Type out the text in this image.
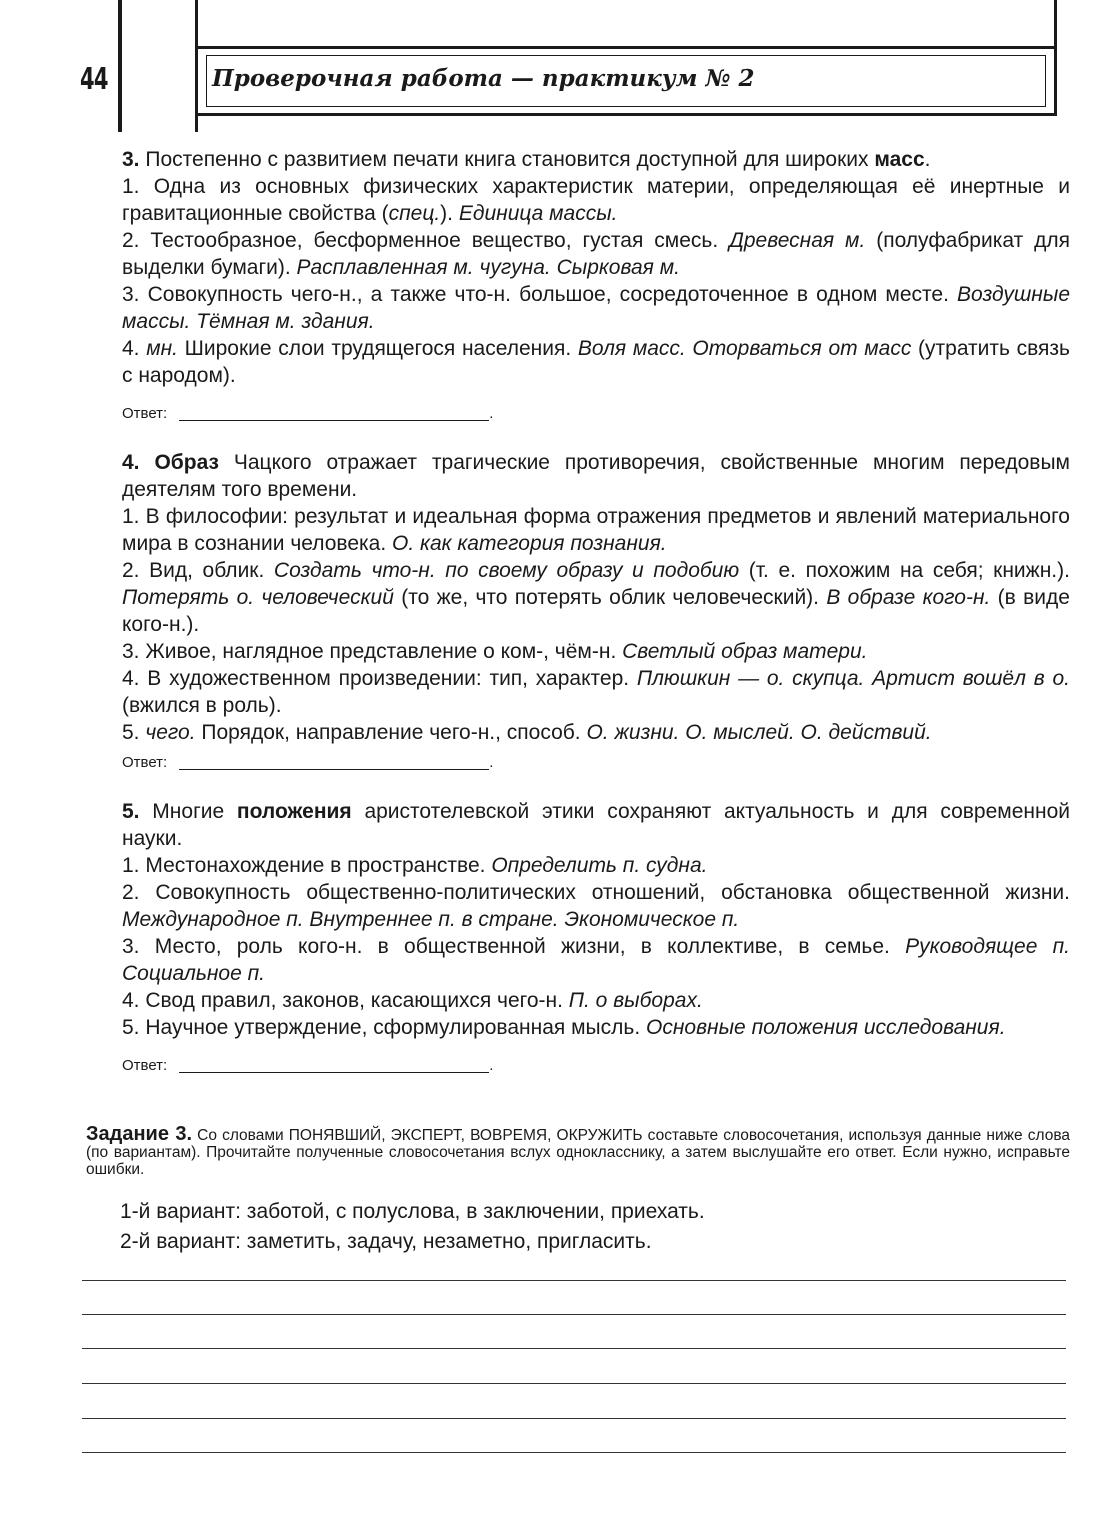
44	Проверочная работа — практикум № 2

3. Постепенно с развитием печати книга становится доступной для широких масс.

1. Одна из основных физических характеристик материи, определяющая её инертные и гравитационные свойства (спец.). Единица массы.

2. Тестообразное, бесформенное вещество, густая смесь. Древесная м. (полуфабрикат для выделки бумаги). Расплавленная м. чугуна. Сырковая м.

3. Совокупность чего-н., а также что-н. большое, сосредоточенное в одном месте. Воздушные массы. Тёмная м. здания.

4. мн. Широкие слои трудящегося населения. Воля масс. Оторваться от масс (утратить связь с народом).

Ответ:	.

4. Образ Чацкого отражает трагические противоречия, свойственные многим передовым деятелям того времени.

1. В философии: результат и идеальная форма отражения предметов и явлений материального мира в сознании человека. О. как категория познания.

2. Вид, облик. Создать что-н. по своему образу и подобию (т. е. похожим на себя; книжн.). Потерять о. человеческий (то же, что потерять облик человеческий). В образе кого-н. (в виде кого-н.).

3. Живое, наглядное представление о ком-, чём-н. Светлый образ матери.

4. В художественном произведении: тип, характер. Плюшкин — о. скупца. Артист вошёл в о. (вжился в роль).

5. чего. Порядок, направление чего-н., способ. О. жизни. О. мыслей. О. действий.

Ответ:	.

5. Многие положения аристотелевской этики сохраняют актуальность и для современной науки.

1. Местонахождение в пространстве. Определить п. судна.

2. Совокупность общественно-политических отношений, обстановка общественной жизни. Международное п. Внутреннее п. в стране. Экономическое п.

3. Место, роль кого-н. в общественной жизни, в коллективе, в семье. Руководящее п. Социальное п.

4. Свод правил, законов, касающихся чего-н. П. о выборах.

5. Научное утверждение, сформулированная мысль. Основные положения исследования.

Ответ:	.

Задание 3. Со словами ПОНЯВШИЙ, ЭКСПЕРТ, ВОВРЕМЯ, ОКРУЖИТЬ составьте словосочетания, используя данные ниже слова (по вариантам). Прочитайте полученные словосочетания вслух однокласснику, а затем выслушайте его ответ. Если нужно, исправьте ошибки.
1-й вариант: заботой, с полуслова, в заключении, приехать.
2-й вариант: заметить, задачу, незаметно, пригласить.
